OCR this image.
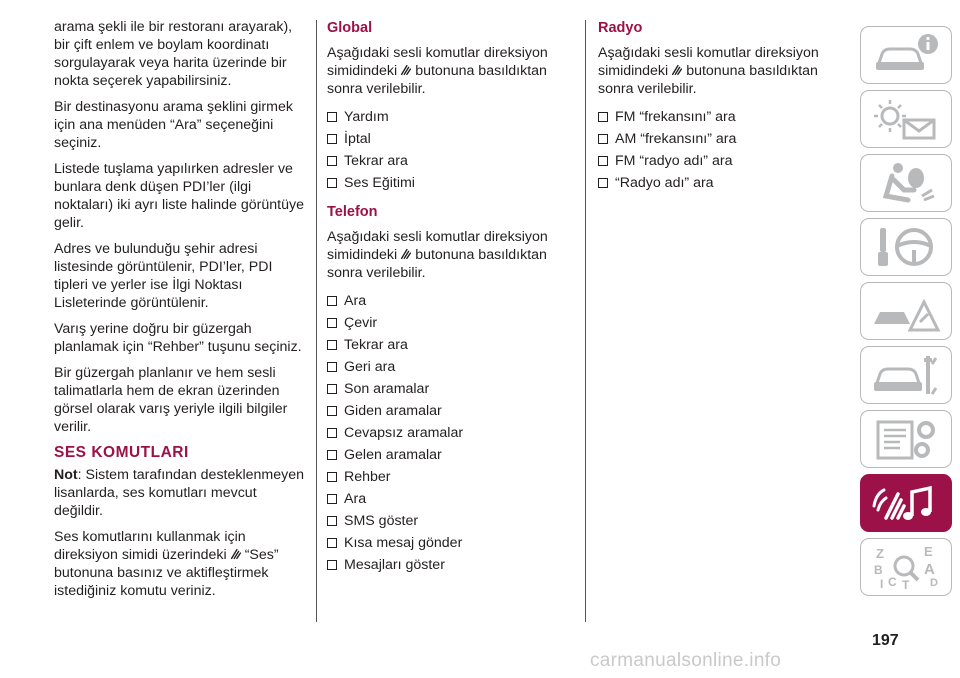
arama şekli ile bir restoranı arayarak), bir çift enlem ve boylam koordinatı sorgulayarak veya harita üzerinde bir nokta seçerek yapabilirsiniz.

Bir destinasyonu arama şeklini girmek için ana menüden “Ara” seçeneğini seçiniz.

Listede tuşlama yapılırken adresler ve bunlara denk düşen PDI’ler (ilgi noktaları) iki ayrı liste halinde görüntüye gelir.

Adres ve bulunduğu şehir adresi listesinde görüntülenir, PDI’ler, PDI tipleri ve yerler ise İlgi Noktası Lisleterinde görüntülenir.

Varış yerine doğru bir güzergah planlamak için “Rehber” tuşunu seçiniz.

Bir güzergah planlanır ve hem sesli talimatlarla hem de ekran üzerinden görsel olarak varış yeriyle ilgili bilgiler verilir.

SES KOMUTLARI

Not: Sistem tarafından desteklenmeyen lisanlarda, ses komutları mevcut değildir.

Ses komutlarını kullanmak için direksiyon simidi üzerindeki “Ses” butonuna basınız ve aktifleştirmek istediğiniz komutu veriniz.

Global

Aşağıdaki sesli komutlar direksiyon simidindeki butonuna basıldıktan sonra verilebilir.

Yardım
İptal
Tekrar ara
Ses Eğitimi
Telefon

Aşağıdaki sesli komutlar direksiyon simidindeki butonuna basıldıktan sonra verilebilir.

Ara
Çevir
Tekrar ara
Geri ara
Son aramalar
Giden aramalar
Cevapsız aramalar
Gelen aramalar
Rehber
Ara
SMS göster
Kısa mesaj gönder
Mesajları göster
Radyo

Aşağıdaki sesli komutlar direksiyon simidindeki butonuna basıldıktan sonra verilebilir.

FM “frekansını” ara
AM “frekansını” ara
FM “radyo adı” ara
“Radyo adı” ara
Z	E
B	A
C	D
I T
197
carmanualsonline.info
